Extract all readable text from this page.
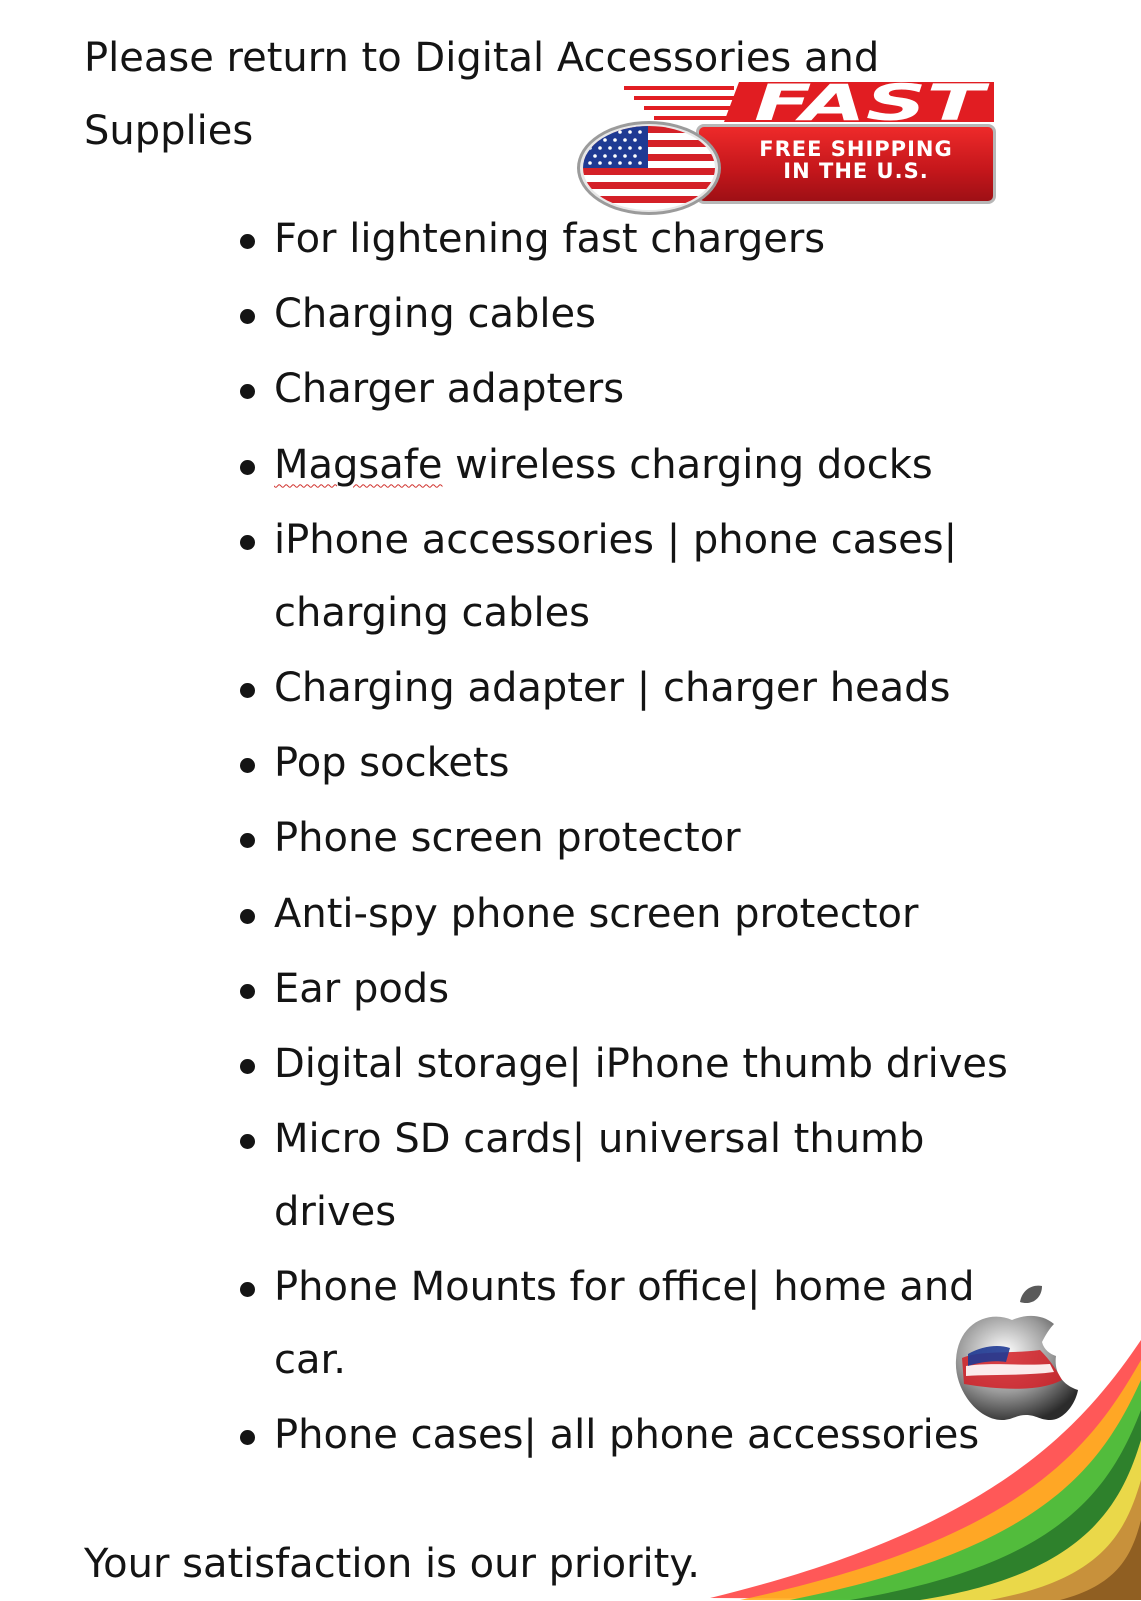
Please return to Digital Accessories and Supplies	FAST
FREE SHIPPING
IN THE U.S.
For lightening fast chargers
Charging cables
Charger adapters
Magsafe wireless charging docks
iPhone accessories | phone cases| charging cables
Charging adapter | charger heads
Pop sockets
Phone screen protector
Anti-spy phone screen protector
Ear pods
Digital storage| iPhone thumb drives
Micro SD cards| universal thumb drives
Phone Mounts for office| home and car.
Phone cases| all phone accessories

Your satisfaction is our priority.
